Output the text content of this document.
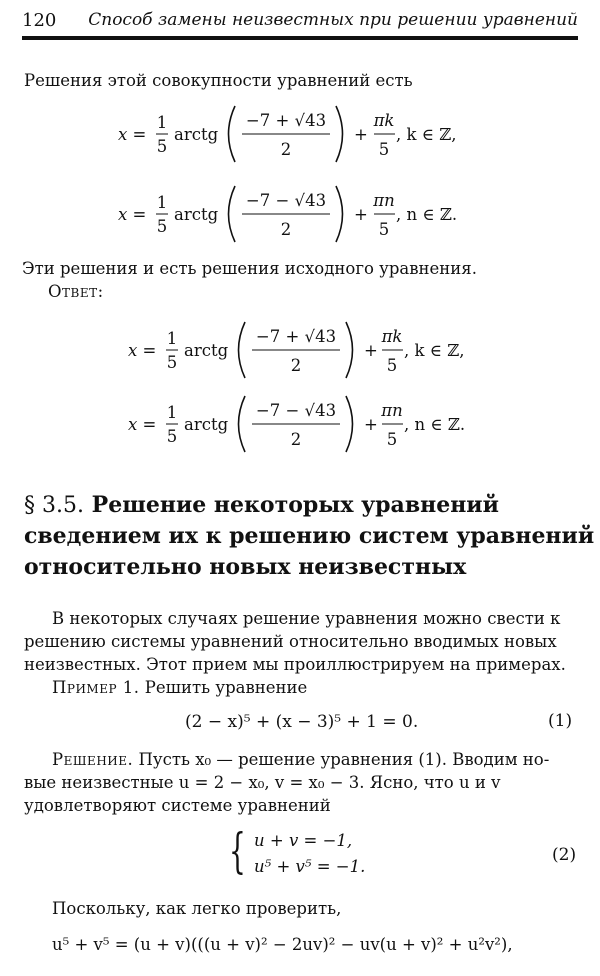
120 Способ замены неизвестных при решении уравнений
Решения этой совокупности уравнений есть
x =
1
5
arctg
−7 + √43
2
+
πk
5
, k ∈ ℤ,
x =
1
5
arctg
−7 − √43
2
+
πn
5
, n ∈ ℤ.
Эти решения и есть решения исходного уравнения.
Ответ:
x =
1
5
arctg
−7 + √43
2
+
πk
5
, k ∈ ℤ,
x =
1
5
arctg
−7 − √43
2
+
πn
5
, n ∈ ℤ.
§ 3.5. Решение некоторых уравнений
сведением их к решению систем уравнений
относительно новых неизвестных
В некоторых случаях решение уравнения можно свести к
решению системы уравнений относительно вводимых новых
неизвестных. Этот прием мы проиллюстрируем на примерах.
Пример 1. Решить уравнение
(2 − x)⁵ + (x − 3)⁵ + 1 = 0.	(1)
Решение. Пусть x₀ — решение уравнения (1). Вводим но-
вые неизвестные u = 2 − x₀, v = x₀ − 3. Ясно, что u и v
удовлетворяют системе уравнений
{ u + v = −1,
u⁵ + v⁵ = −1.
(2)
Поскольку, как легко проверить,
u⁵ + v⁵ = (u + v)(((u + v)² − 2uv)² − uv(u + v)² + u²v²),
